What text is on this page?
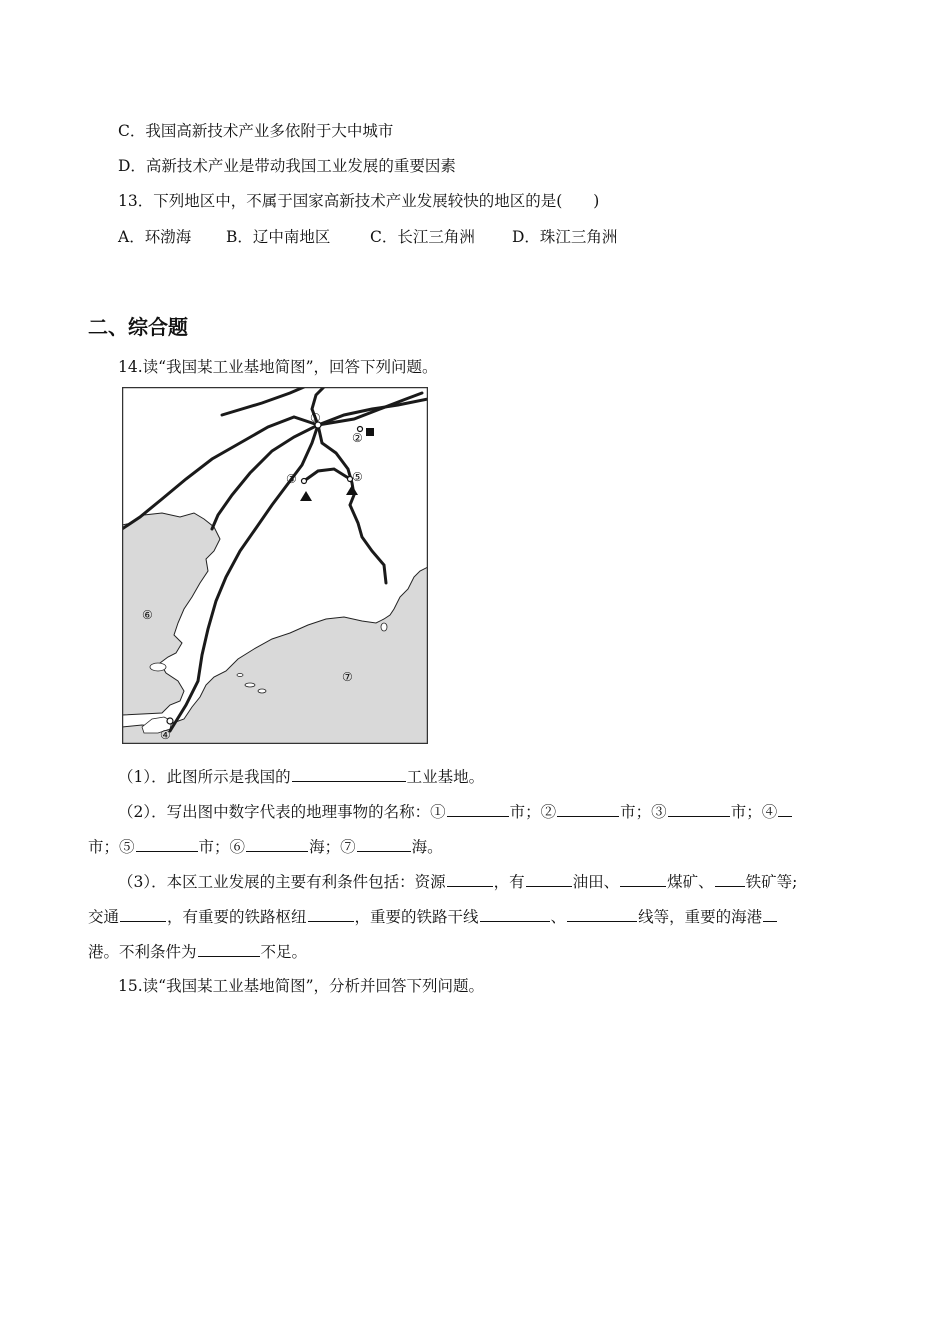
C．我国高新技术产业多依附于大中城市
D．高新技术产业是带动我国工业发展的重要因素
13．下列地区中，不属于国家高新技术产业发展较快的地区的是(　　)
A．环渤海 B．辽中南地区	C．长江三角洲 D．珠江三角洲
二、综合题
14.读“我国某工业基地简图”，回答下列问题。
①
②
③
④
⑤
⑥
⑦
（1）．此图所示是我国的	工业基地。
（2）．写出图中数字代表的地理事物的名称：①	市；②	市；③	市；④
市；⑤	市；⑥	海；⑦	海。
（3）．本区工业发展的主要有利条件包括：资源	，有	油田、	煤矿、 铁矿等;
交通	，有重要的铁路枢纽	，重要的铁路干线	、	线等，重要的海港
港。不利条件为	不足。
15.读“我国某工业基地简图”，分析并回答下列问题。
